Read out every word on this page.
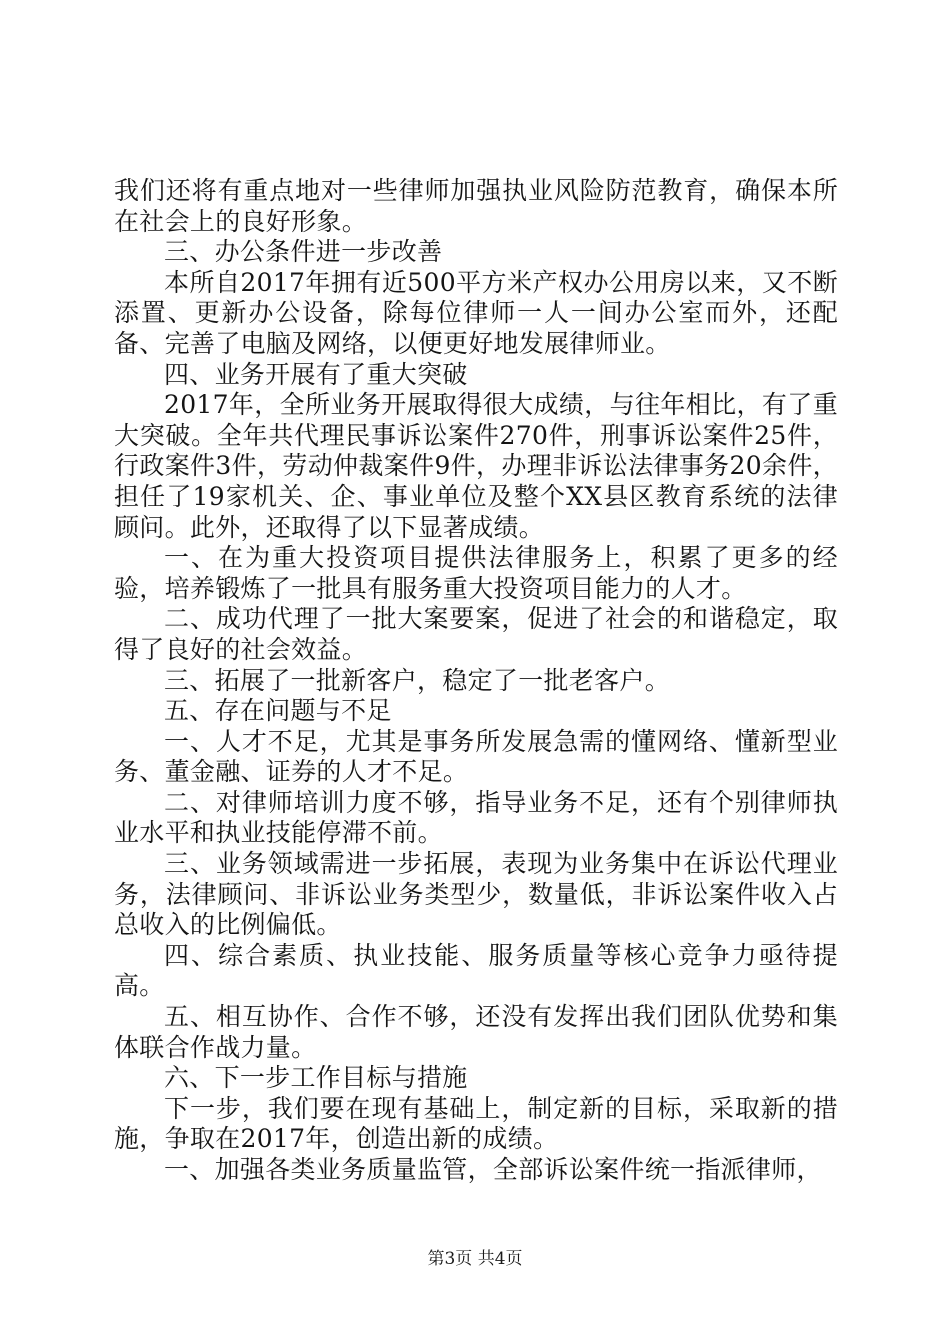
我们还将有重点地对一些律师加强执业风险防范教育，确保本所在社会上的良好形象。

三、办公条件进一步改善

本所自2017年拥有近500平方米产权办公用房以来，又不断添置、更新办公设备，除每位律师一人一间办公室而外，还配备、完善了电脑及网络，以便更好地发展律师业。

四、业务开展有了重大突破

2017年，全所业务开展取得很大成绩，与往年相比，有了重大突破。全年共代理民事诉讼案件270件，刑事诉讼案件25件，行政案件3件，劳动仲裁案件9件，办理非诉讼法律事务20余件，担任了19家机关、企、事业单位及整个XX县区教育系统的法律顾问。此外，还取得了以下显著成绩。

一、在为重大投资项目提供法律服务上，积累了更多的经验，培养锻炼了一批具有服务重大投资项目能力的人才。

二、成功代理了一批大案要案，促进了社会的和谐稳定，取得了良好的社会效益。

三、拓展了一批新客户，稳定了一批老客户。

五、存在问题与不足

一、人才不足，尤其是事务所发展急需的懂网络、懂新型业务、董金融、证券的人才不足。

二、对律师培训力度不够，指导业务不足，还有个别律师执业水平和执业技能停滞不前。

三、业务领域需进一步拓展，表现为业务集中在诉讼代理业务，法律顾问、非诉讼业务类型少，数量低，非诉讼案件收入占总收入的比例偏低。

四、综合素质、执业技能、服务质量等核心竞争力亟待提高。

五、相互协作、合作不够，还没有发挥出我们团队优势和集体联合作战力量。

六、下一步工作目标与措施

下一步，我们要在现有基础上，制定新的目标，采取新的措施，争取在2017年，创造出新的成绩。

一、加强各类业务质量监管，全部诉讼案件统一指派律师，

第3页 共4页
